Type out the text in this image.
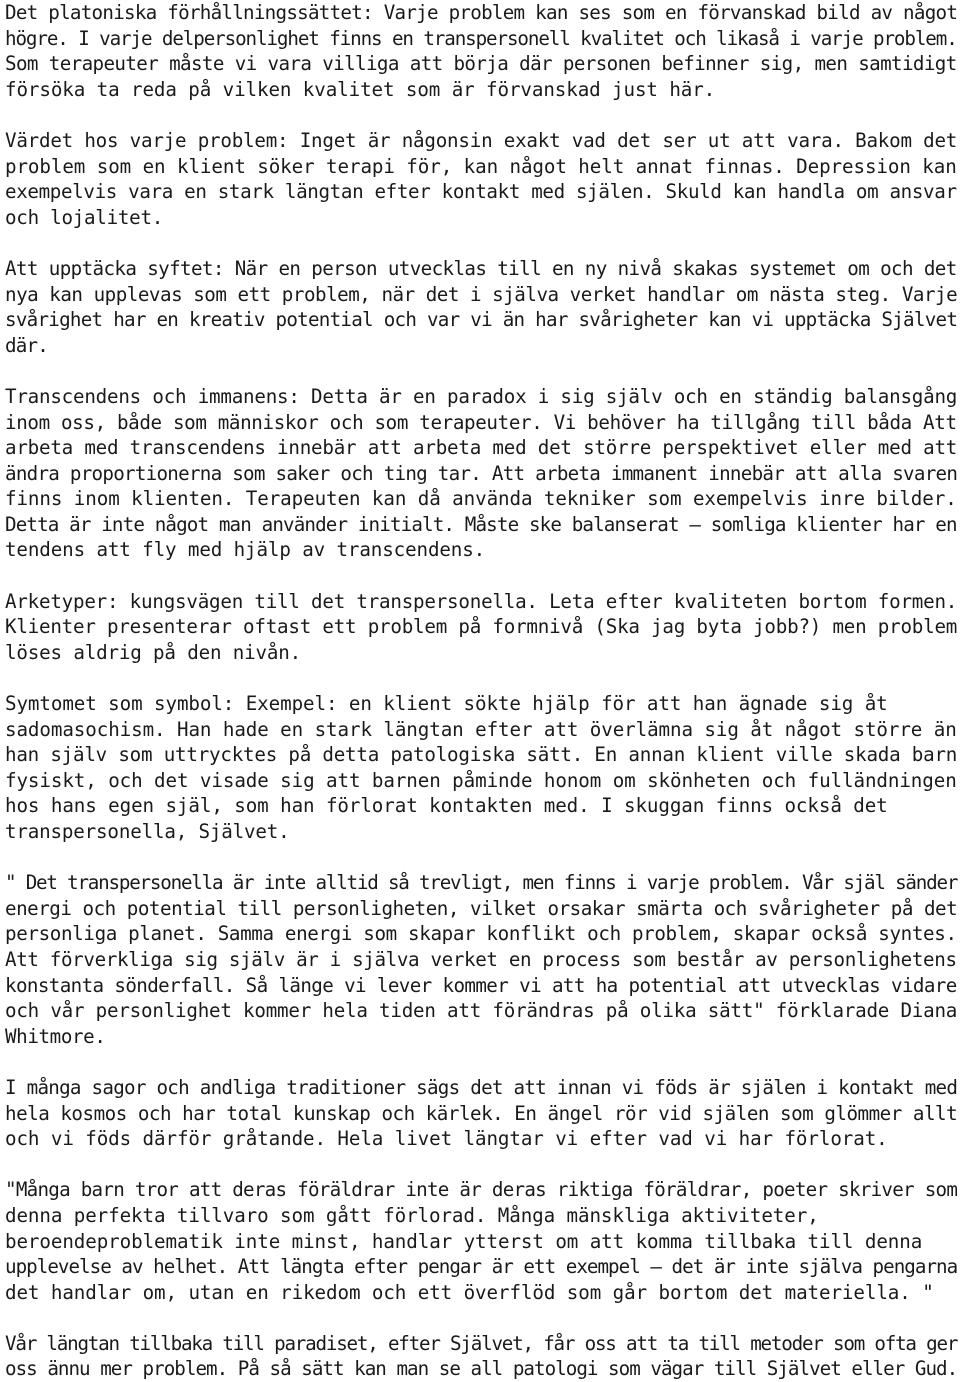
Det platoniska förhållningssättet: Varje problem kan ses som en förvanskad bild av något
högre. I varje delpersonlighet finns en transpersonell kvalitet och likaså i varje problem.
Som terapeuter måste vi vara villiga att börja där personen befinner sig, men samtidigt
försöka ta reda på vilken kvalitet som är förvanskad just här.

Värdet hos varje problem: Inget är någonsin exakt vad det ser ut att vara. Bakom det
problem som en klient söker terapi för, kan något helt annat finnas. Depression kan
exempelvis vara en stark längtan efter kontakt med själen. Skuld kan handla om ansvar
och lojalitet.

Att upptäcka syftet: När en person utvecklas till en ny nivå skakas systemet om och det
nya kan upplevas som ett problem, när det i själva verket handlar om nästa steg. Varje
svårighet har en kreativ potential och var vi än har svårigheter kan vi upptäcka Självet
där.

Transcendens och immanens: Detta är en paradox i sig själv och en ständig balansgång
inom oss, både som människor och som terapeuter. Vi behöver ha tillgång till båda Att
arbeta med transcendens innebär att arbeta med det större perspektivet eller med att
ändra proportionerna som saker och ting tar. Att arbeta immanent innebär att alla svaren
finns inom klienten. Terapeuten kan då använda tekniker som exempelvis inre bilder.
Detta är inte något man använder initialt. Måste ske balanserat — somliga klienter har en
tendens att fly med hjälp av transcendens.

Arketyper: kungsvägen till det transpersonella. Leta efter kvaliteten bortom formen.
Klienter presenterar oftast ett problem på formnivå (Ska jag byta jobb?) men problem
löses aldrig på den nivån.

Symtomet som symbol: Exempel: en klient sökte hjälp för att han ägnade sig åt
sadomasochism. Han hade en stark längtan efter att överlämna sig åt något större än
han själv som uttrycktes på detta patologiska sätt. En annan klient ville skada barn
fysiskt, och det visade sig att barnen påminde honom om skönheten och fulländningen
hos hans egen själ, som han förlorat kontakten med. I skuggan finns också det
transpersonella, Självet.

" Det transpersonella är inte alltid så trevligt, men finns i varje problem. Vår själ sänder
energi och potential till personligheten, vilket orsakar smärta och svårigheter på det
personliga planet. Samma energi som skapar konflikt och problem, skapar också syntes.
Att förverkliga sig själv är i själva verket en process som består av personlighetens
konstanta sönderfall. Så länge vi lever kommer vi att ha potential att utvecklas vidare
och vår personlighet kommer hela tiden att förändras på olika sätt" förklarade Diana
Whitmore.

I många sagor och andliga traditioner sägs det att innan vi föds är själen i kontakt med
hela kosmos och har total kunskap och kärlek. En ängel rör vid själen som glömmer allt
och vi föds därför gråtande. Hela livet längtar vi efter vad vi har förlorat.

"Många barn tror att deras föräldrar inte är deras riktiga föräldrar, poeter skriver som
denna perfekta tillvaro som gått förlorad. Många mänskliga aktiviteter,
beroendeproblematik inte minst, handlar ytterst om att komma tillbaka till denna
upplevelse av helhet. Att längta efter pengar är ett exempel — det är inte själva pengarna
det handlar om, utan en rikedom och ett överflöd som går bortom det materiella. "

Vår längtan tillbaka till paradiset, efter Självet, får oss att ta till metoder som ofta ger
oss ännu mer problem. På så sätt kan man se all patologi som vägar till Självet eller Gud.
